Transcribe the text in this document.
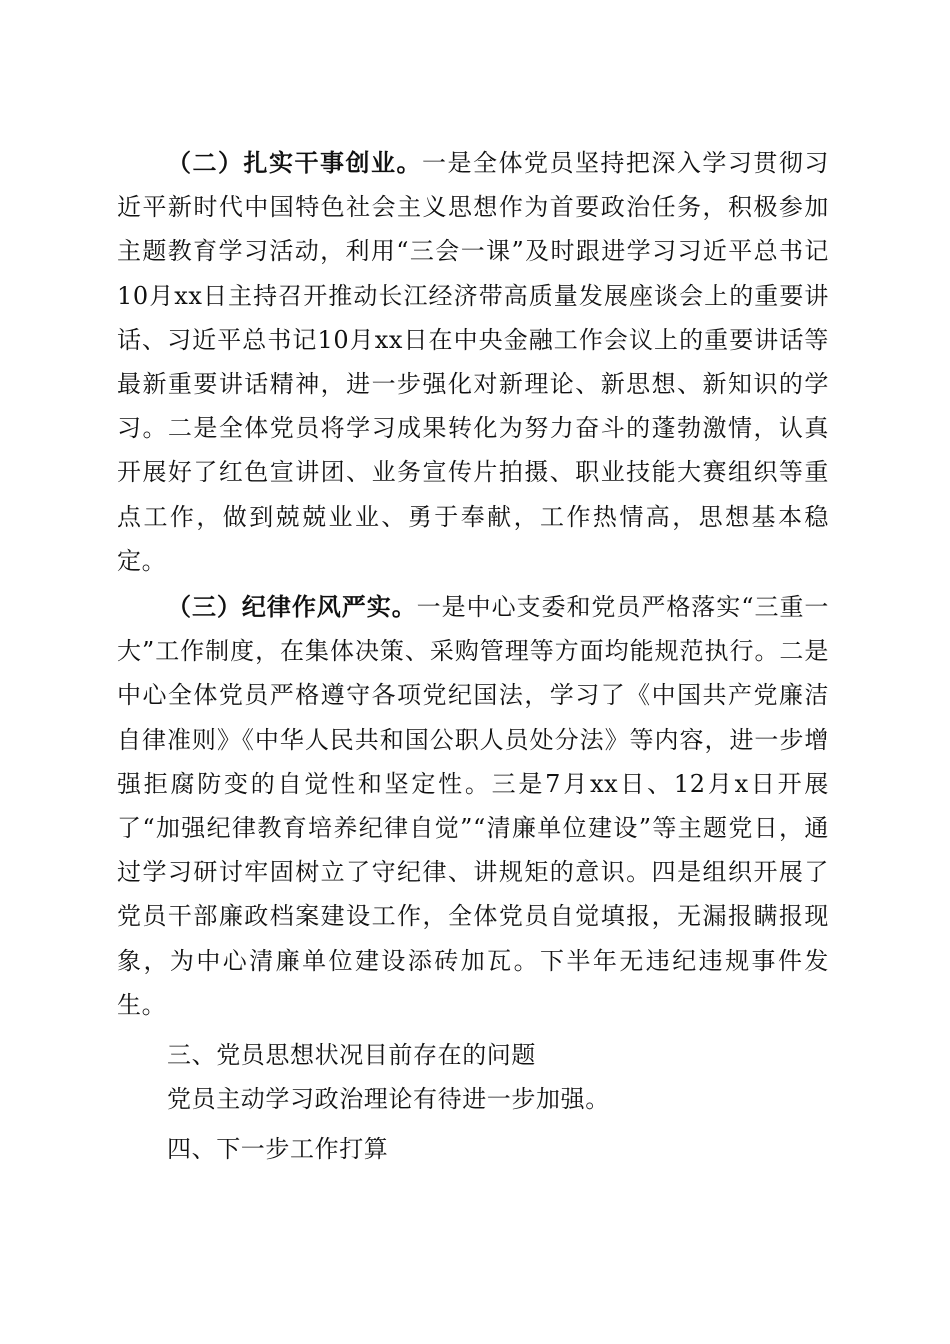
（二）扎实干事创业。一是全体党员坚持把深入学习贯彻习近平新时代中国特色社会主义思想作为首要政治任务，积极参加主题教育学习活动，利用“三会一课”及时跟进学习习近平总书记10月xx日主持召开推动长江经济带高质量发展座谈会上的重要讲话、习近平总书记10月xx日在中央金融工作会议上的重要讲话等最新重要讲话精神，进一步强化对新理论、新思想、新知识的学习。二是全体党员将学习成果转化为努力奋斗的蓬勃激情，认真开展好了红色宣讲团、业务宣传片拍摄、职业技能大赛组织等重点工作，做到兢兢业业、勇于奉献，工作热情高，思想基本稳定。

（三）纪律作风严实。一是中心支委和党员严格落实“三重一大”工作制度，在集体决策、采购管理等方面均能规范执行。二是中心全体党员严格遵守各项党纪国法，学习了《中国共产党廉洁自律准则》《中华人民共和国公职人员处分法》等内容，进一步增强拒腐防变的自觉性和坚定性。三是7月xx日、12月x日开展了“加强纪律教育培养纪律自觉”“清廉单位建设”等主题党日，通过学习研讨牢固树立了守纪律、讲规矩的意识。四是组织开展了党员干部廉政档案建设工作，全体党员自觉填报，无漏报瞒报现象，为中心清廉单位建设添砖加瓦。下半年无违纪违规事件发生。

三、党员思想状况目前存在的问题

党员主动学习政治理论有待进一步加强。

四、下一步工作打算
